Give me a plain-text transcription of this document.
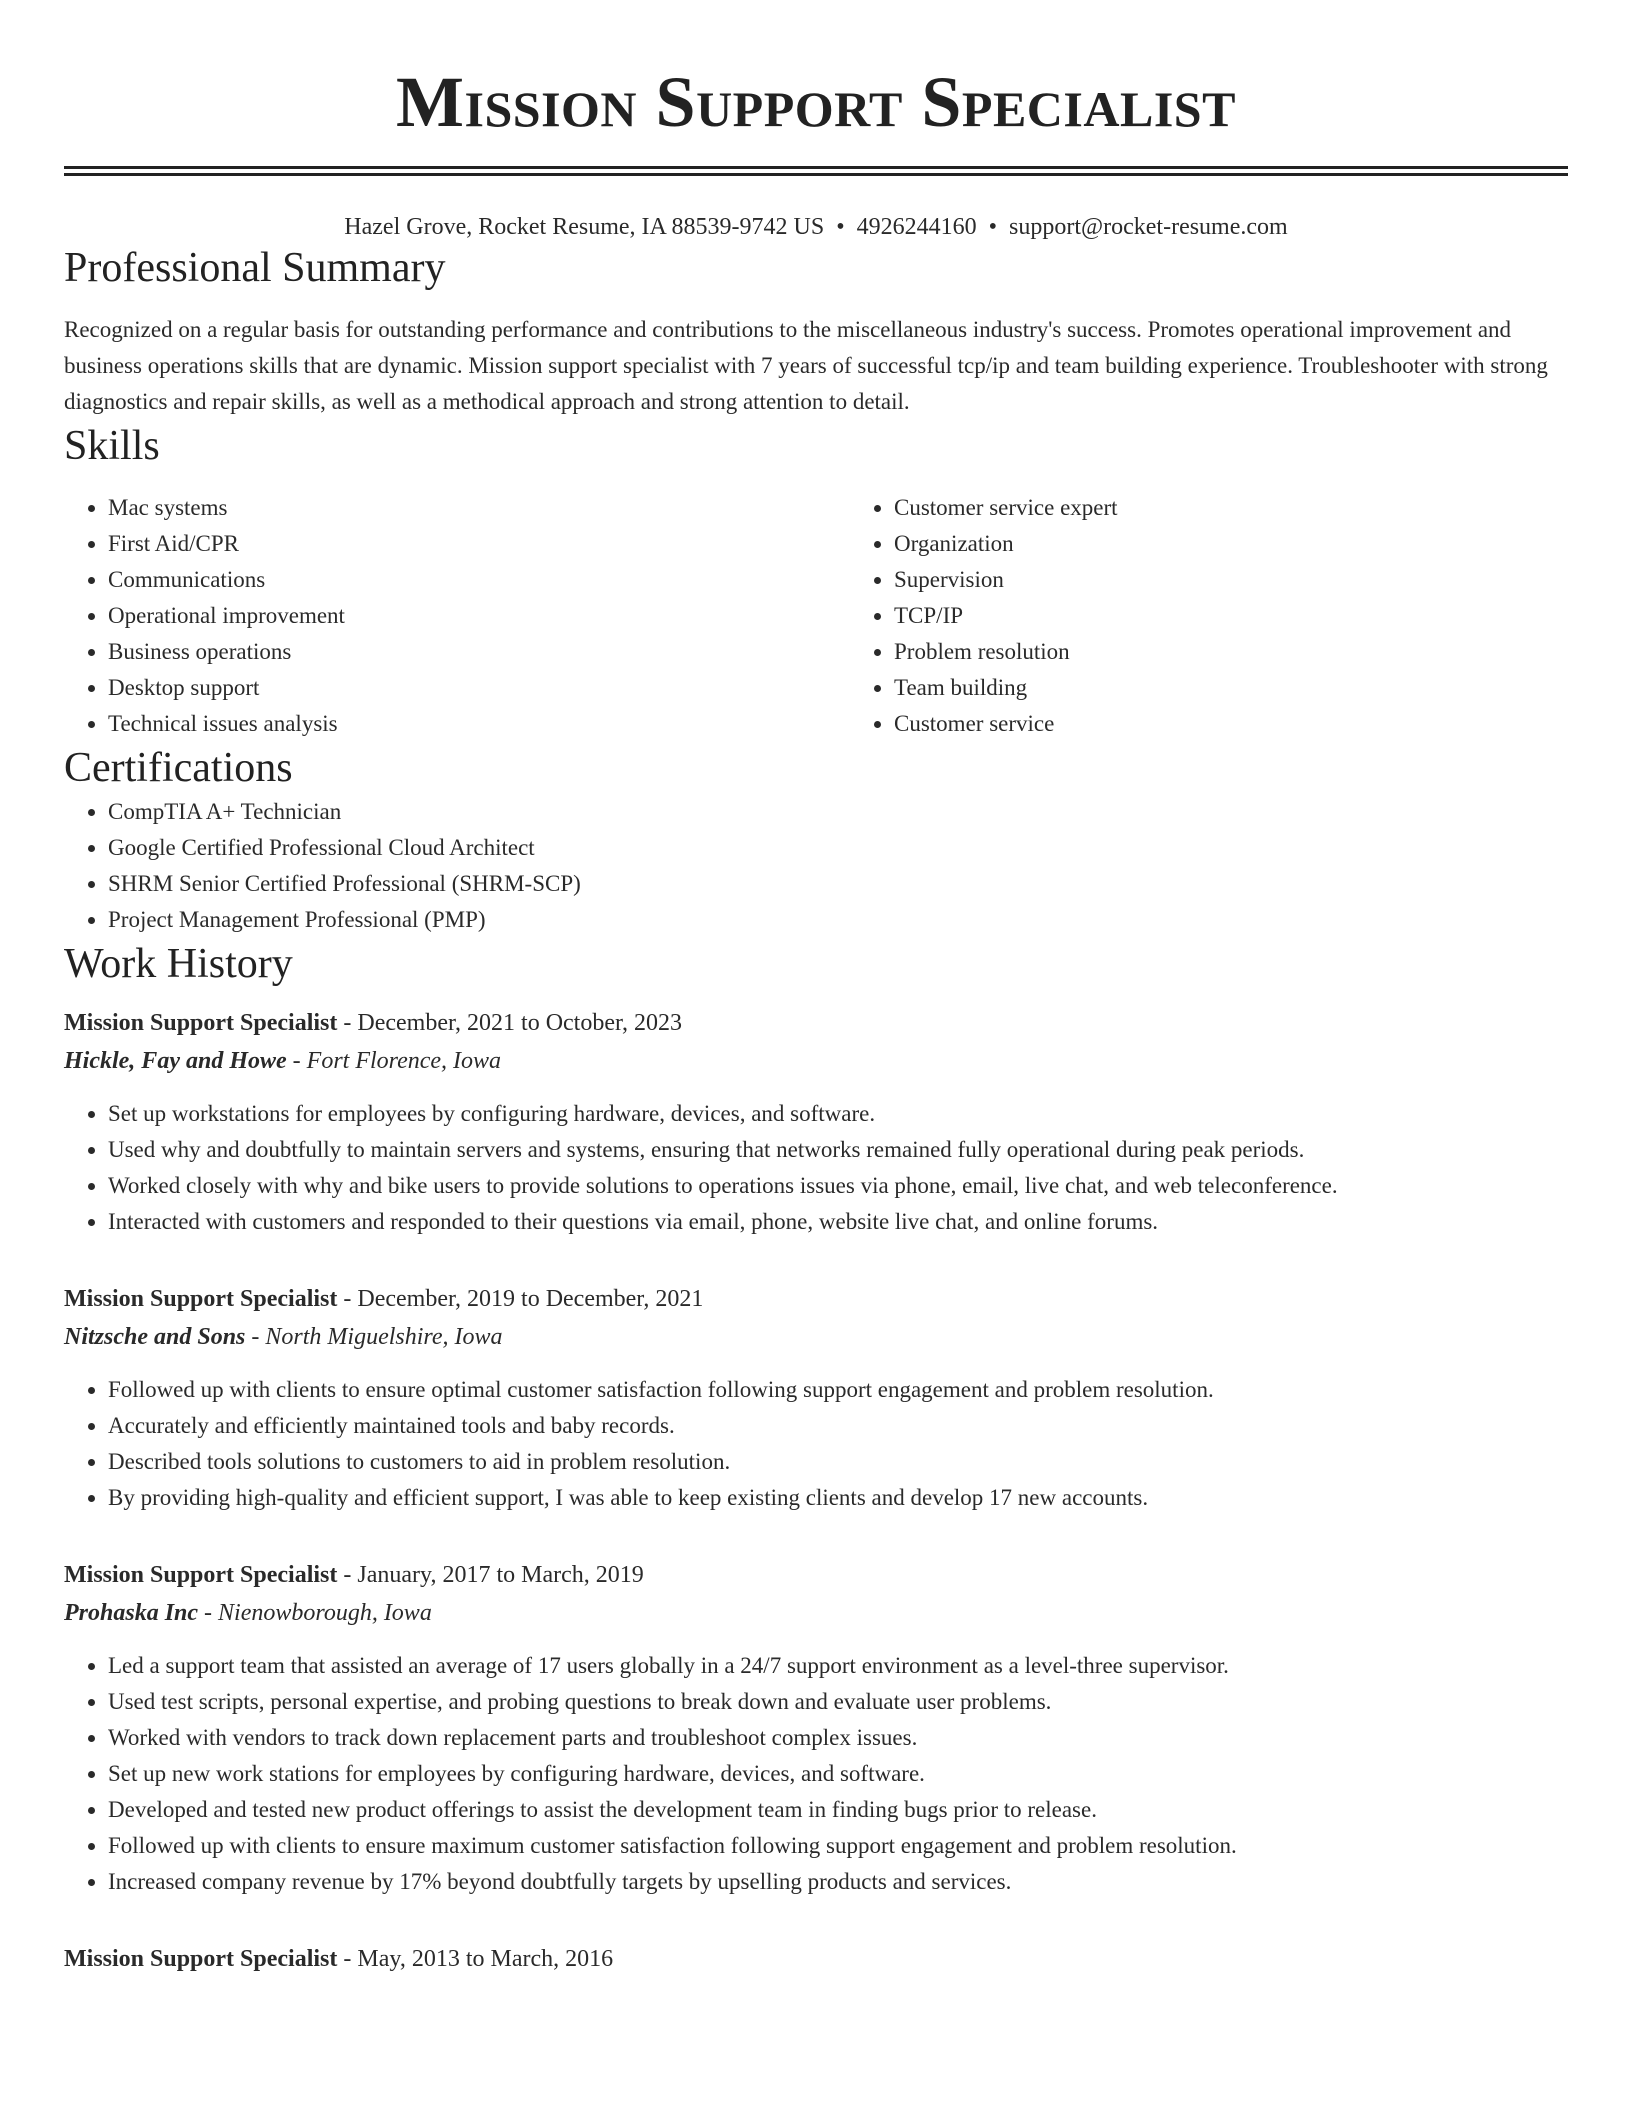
Mission Support Specialist
Hazel Grove, Rocket Resume, IA 88539-9742 US • 4926244160 • support@rocket-resume.com
Professional Summary

Recognized on a regular basis for outstanding performance and contributions to the miscellaneous industry's success. Promotes operational improvement and business operations skills that are dynamic. Mission support specialist with 7 years of successful tcp/ip and team building experience. Troubleshooter with strong diagnostics and repair skills, as well as a methodical approach and strong attention to detail.

Skills
• Mac systems
• First Aid/CPR
• Communications
• Operational improvement
• Business operations
• Desktop support
• Technical issues analysis
• Customer service expert
• Organization
• Supervision
• TCP/IP
• Problem resolution
• Team building
• Customer service
Certifications
• CompTIA A+ Technician
• Google Certified Professional Cloud Architect
• SHRM Senior Certified Professional (SHRM-SCP)
• Project Management Professional (PMP)
Work History
Mission Support Specialist - December, 2021 to October, 2023
Hickle, Fay and Howe - Fort Florence, Iowa
• Set up workstations for employees by configuring hardware, devices, and software.
• Used why and doubtfully to maintain servers and systems, ensuring that networks remained fully operational during peak periods.
• Worked closely with why and bike users to provide solutions to operations issues via phone, email, live chat, and web teleconference.
• Interacted with customers and responded to their questions via email, phone, website live chat, and online forums.
Mission Support Specialist - December, 2019 to December, 2021
Nitzsche and Sons - North Miguelshire, Iowa
• Followed up with clients to ensure optimal customer satisfaction following support engagement and problem resolution.
• Accurately and efficiently maintained tools and baby records.
• Described tools solutions to customers to aid in problem resolution.
• By providing high-quality and efficient support, I was able to keep existing clients and develop 17 new accounts.
Mission Support Specialist - January, 2017 to March, 2019
Prohaska Inc - Nienowborough, Iowa
• Led a support team that assisted an average of 17 users globally in a 24/7 support environment as a level-three supervisor.
• Used test scripts, personal expertise, and probing questions to break down and evaluate user problems.
• Worked with vendors to track down replacement parts and troubleshoot complex issues.
• Set up new work stations for employees by configuring hardware, devices, and software.
• Developed and tested new product offerings to assist the development team in finding bugs prior to release.
• Followed up with clients to ensure maximum customer satisfaction following support engagement and problem resolution.
• Increased company revenue by 17% beyond doubtfully targets by upselling products and services.
Mission Support Specialist - May, 2013 to March, 2016
